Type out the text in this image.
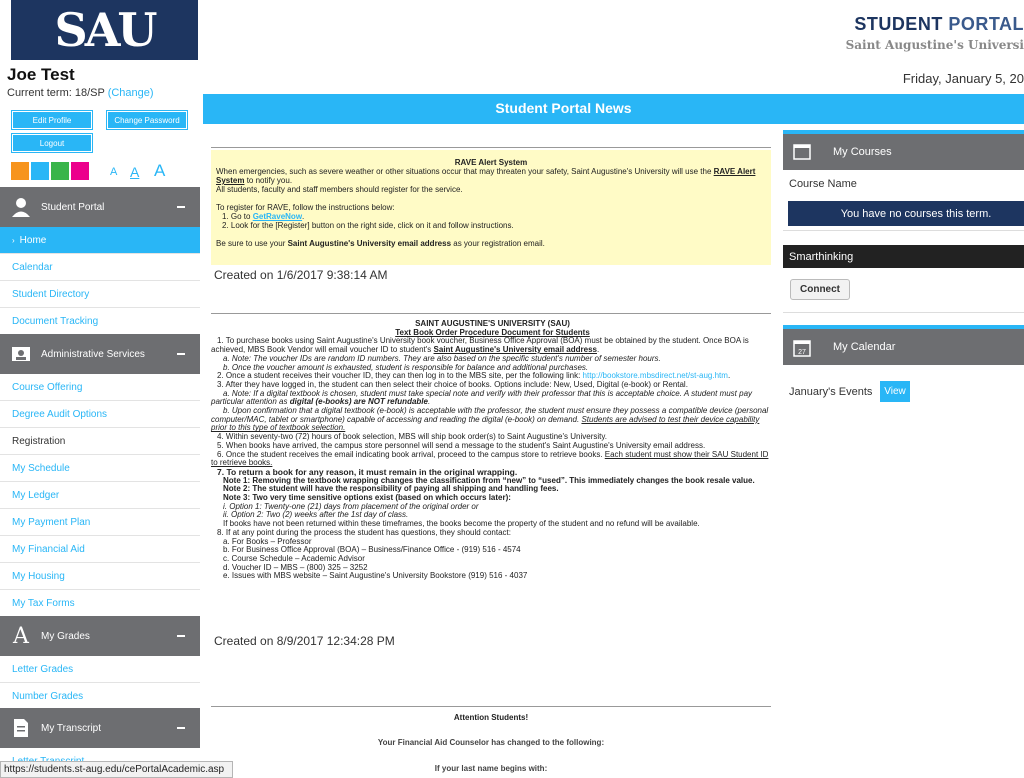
SAU	STUDENT PORTAL
Saint Augustine's Universi
Joe Test
Current term: 18/SP (Change)
Friday, January 5, 20
Edit Profile	Change Password
Logout
A A A
Student Portal
› Home
Calendar
Student Directory
Document Tracking
Administrative Services
Course Offering
Degree Audit Options
Registration
My Schedule
My Ledger
My Payment Plan
My Financial Aid
My Housing
My Tax Forms
A My Grades
Letter Grades
Number Grades
My Transcript
Student Portal News
RAVE Alert System
When emergencies, such as severe weather or other situations occur that may threaten your safety, Saint Augustine's University will use the RAVE Alert System to notify you.
All students, faculty and staff members should register for the service.
To register for RAVE, follow the instructions below:
1. Go to GetRaveNow.
2. Look for the [Register] button on the right side, click on it and follow instructions.
Be sure to use your Saint Augustine's University email address as your registration email.
Created on 1/6/2017 9:38:14 AM
SAINT AUGUSTINE'S UNIVERSITY (SAU)
Text Book Order Procedure Document for Students
1. To purchase books using Saint Augustine's University book voucher, Business Office Approval (BOA) must be obtained by the student. Once BOA is achieved, MBS Book Vendor will email voucher ID to student's Saint Augustine's University email address.
a. Note: The voucher IDs are random ID numbers. They are also based on the specific student's number of semester hours.
b. Once the voucher amount is exhausted, student is responsible for balance and additional purchases.
2. Once a student receives their voucher ID, they can then log in to the MBS site, per the following link: http://bookstore.mbsdirect.net/st-aug.htm.
3. After they have logged in, the student can then select their choice of books. Options include: New, Used, Digital (e-book) or Rental.
a. Note: If a digital textbook is chosen, student must take special note and verify with their professor that this is acceptable choice. A student must pay particular attention as digital (e-books) are NOT refundable.
b. Upon confirmation that a digital textbook (e-book) is acceptable with the professor, the student must ensure they possess a compatible device (personal computer/MAC, tablet or smartphone) capable of accessing and reading the digital (e-book) on demand. Students are advised to test their device capability prior to this type of textbook selection.
4. Within seventy-two (72) hours of book selection, MBS will ship book order(s) to Saint Augustine's University.
5. When books have arrived, the campus store personnel will send a message to the student's Saint Augustine's University email address.
6. Once the student receives the email indicating book arrival, proceed to the campus store to retrieve books. Each student must show their SAU Student ID to retrieve books.
7. To return a book for any reason, it must remain in the original wrapping.
Note 1: Removing the textbook wrapping changes the classification from “new” to “used”. This immediately changes the book resale value.
Note 2: The student will have the responsibility of paying all shipping and handling fees.
Note 3: Two very time sensitive options exist (based on which occurs later):
i. Option 1: Twenty-one (21) days from placement of the original order or
ii. Option 2: Two (2) weeks after the 1st day of class.
If books have not been returned within these timeframes, the books become the property of the student and no refund will be available.
8. If at any point during the process the student has questions, they should contact:
a. For Books – Professor
b. For Business Office Approval (BOA) – Business/Finance Office - (919) 516 - 4574
c. Course Schedule – Academic Advisor
d. Voucher ID – MBS – (800) 325 – 3252
e. Issues with MBS website – Saint Augustine's University Bookstore (919) 516 - 4037
Created on 8/9/2017 12:34:28 PM
Attention Students!
Your Financial Aid Counselor has changed to the following:
If your last name begins with:
My Courses
Course Name
You have no courses this term.
Smarthinking
Connect
27 My Calendar
January's Events	View
https://students.st-aug.edu/cePortalAcademic.asp
